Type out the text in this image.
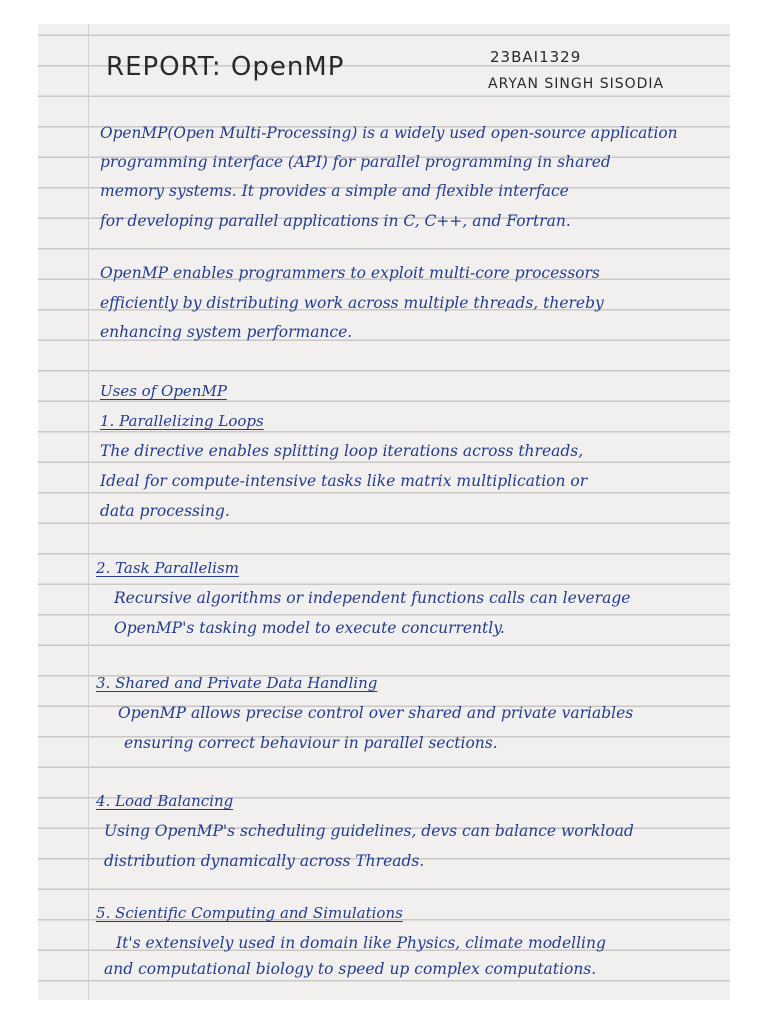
REPORT: OpenMP	23BAI1329
ARYAN SINGH SISODIA
OpenMP(Open Multi-Processing) is a widely used open-source application
programming interface (API) for parallel programming in shared
memory systems. It provides a simple and flexible interface
for developing parallel applications in C, C++, and Fortran.
OpenMP enables programmers to exploit multi-core processors
efficiently by distributing work across multiple threads, thereby
enhancing system performance.
Uses of OpenMP
1. Parallelizing Loops
The directive enables splitting loop iterations across threads,
Ideal for compute-intensive tasks like matrix multiplication or
data processing.
2. Task Parallelism
Recursive algorithms or independent functions calls can leverage
OpenMP's tasking model to execute concurrently.
3. Shared and Private Data Handling
OpenMP allows precise control over shared and private variables
ensuring correct behaviour in parallel sections.
4. Load Balancing
Using OpenMP's scheduling guidelines, devs can balance workload
distribution dynamically across Threads.
5. Scientific Computing and Simulations
It's extensively used in domain like Physics, climate modelling
and computational biology to speed up complex computations.
